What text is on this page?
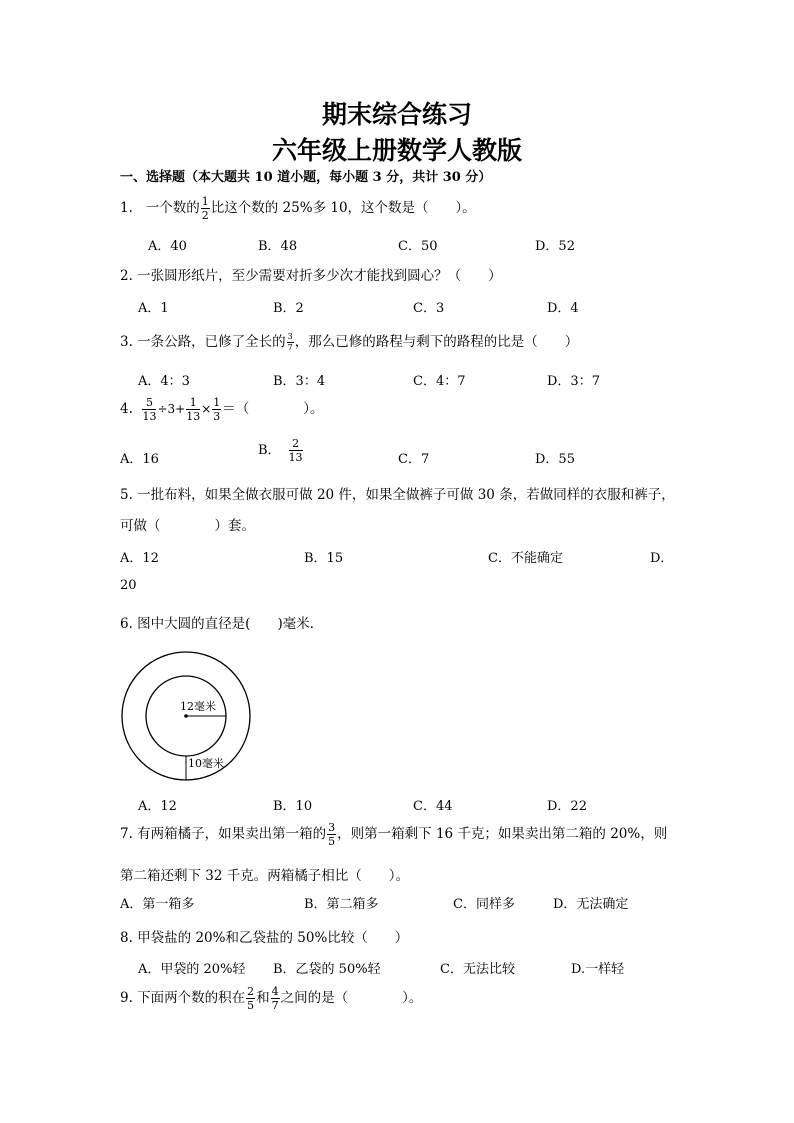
期末综合练习
六年级上册数学人教版
一、选择题（本大题共 10 道小题，每小题 3 分，共计 30 分）
1. 一个数的 $\frac{1}{2}$ 比这个数的 25%多 10，这个数是（　　）。
A．40	B．48	C．50	D．52
2. 一张圆形纸片，至少需要对折多少次才能找到圆心？（　　）
A．1	B．2	C．3	D．4
3. 一条公路，已修了全长的 $\frac{3}{7}$ ，那么已修的路程与剩下的路程的比是（　　）
A．4：3	B．3：4	C．4：7	D．3：7
4. $\frac{5}{13} \div 3+ \frac{1}{13} \times \frac{1}{3}$ ＝（　　　　）。
A．16
B． $\frac{2}{13}$	C．7	D．55
5. 一批布料，如果全做衣服可做 20 件，如果全做裤子可做 30 条，若做同样的衣服和裤子，
可做（　　　　）套。
A．12	B．15	C．不能确定	D．
20
6. 图中大圆的直径是(　　)毫米．
12毫米
10毫米
A．12	B．10	C．44	D．22
7. 有两箱橘子，如果卖出第一箱的 $\frac{3}{5}$ ，则第一箱剩下 16 千克；如果卖出第二箱的 20%，则
第二箱还剩下 32 千克。两箱橘子相比（　　）。
A．第一箱多	B．第二箱多	C．同样多	D．无法确定
8. 甲袋盐的 20%和乙袋盐的 50%比较（　　）
A．甲袋的 20%轻 B．乙袋的 50%轻	C．无法比较	D.一样轻
9. 下面两个数的积在 $\frac{2}{5}$ 和 $\frac{4}{7}$ 之间的是（　　　　）。
